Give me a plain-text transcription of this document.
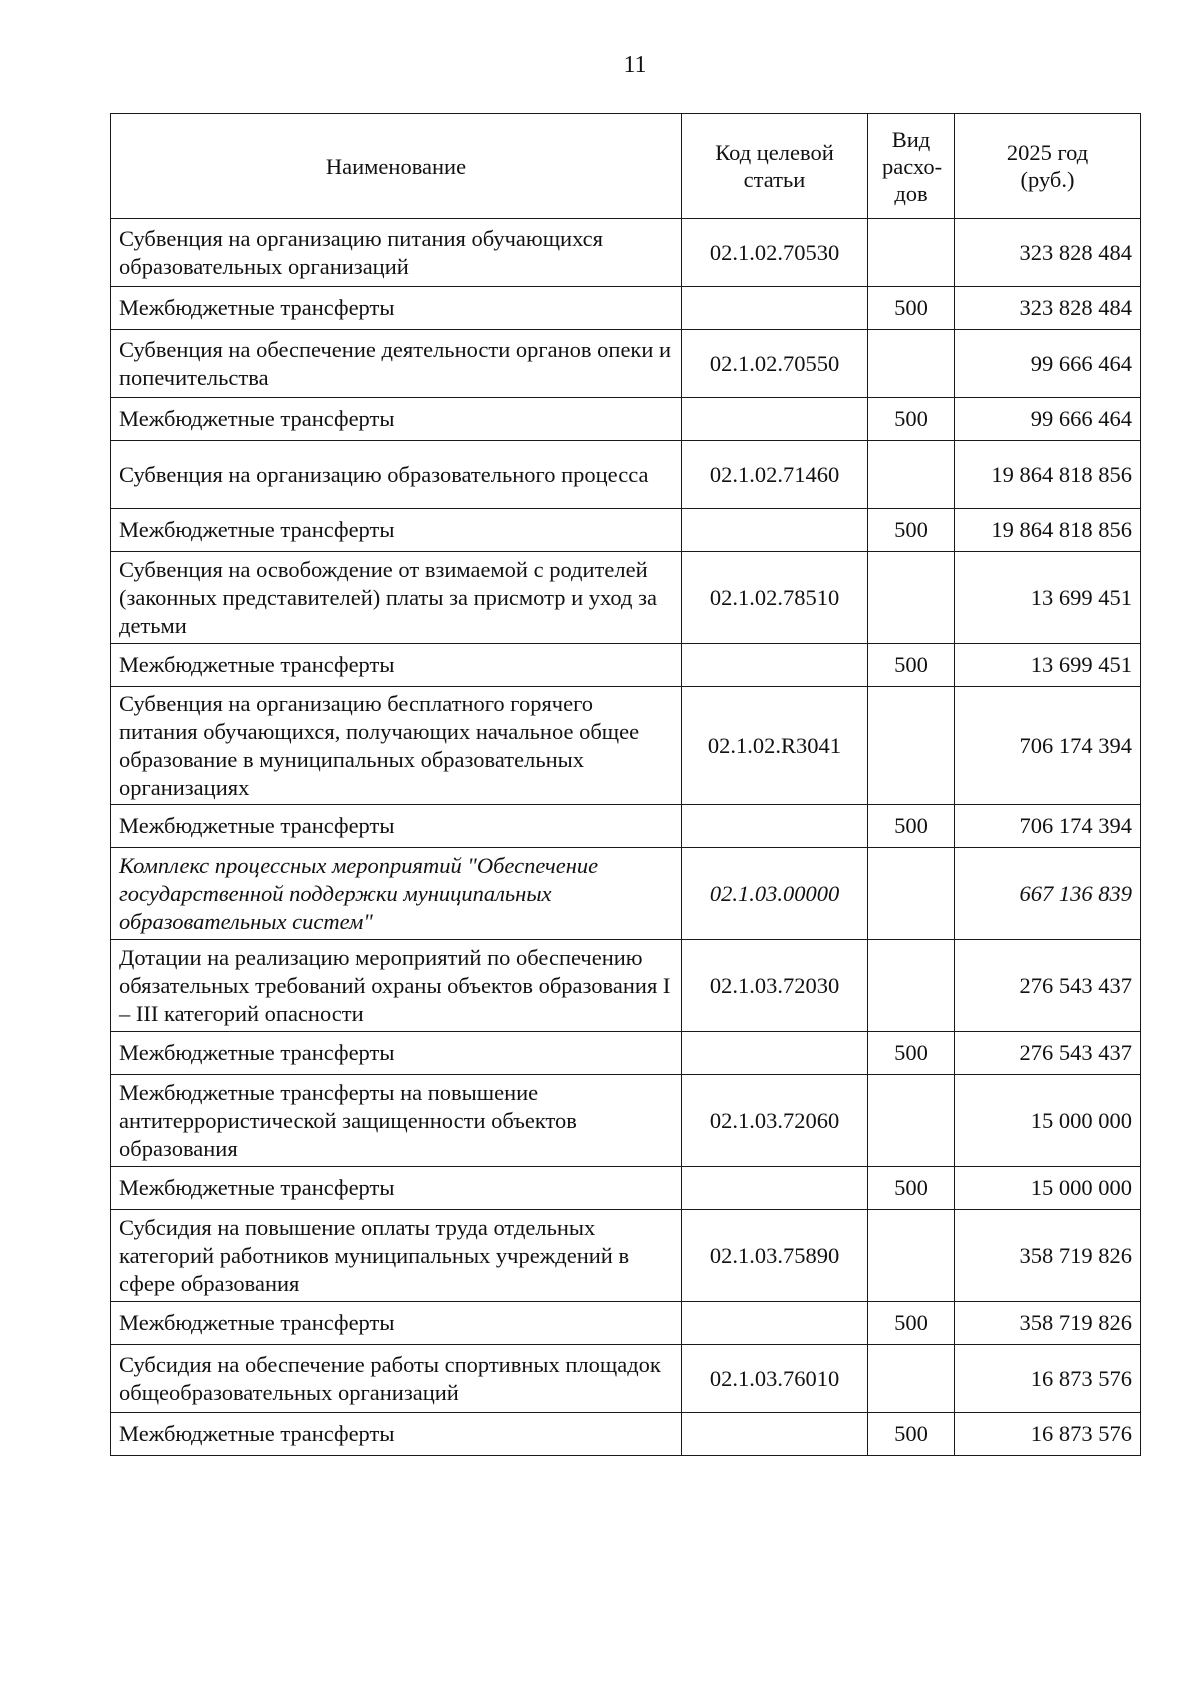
11
Наименование	Код целевой статьи	Вид расхо-дов	2025 год (руб.)
Субвенция на организацию питания обучающихся образовательных организаций	02.1.02.70530		323 828 484
Межбюджетные трансферты		500	323 828 484
Субвенция на обеспечение деятельности органов опеки и попечительства	02.1.02.70550		99 666 464
Межбюджетные трансферты		500	99 666 464
Субвенция на организацию образовательного процесса	02.1.02.71460		19 864 818 856
Межбюджетные трансферты		500	19 864 818 856
Субвенция на освобождение от взимаемой с родителей (законных представителей) платы за присмотр и уход за детьми	02.1.02.78510		13 699 451
Межбюджетные трансферты		500	13 699 451
Субвенция на организацию бесплатного горячего питания обучающихся, получающих начальное общее образование в муниципальных образовательных организациях	02.1.02.R3041		706 174 394
Межбюджетные трансферты		500	706 174 394
Комплекс процессных мероприятий "Обеспечение государственной поддержки муниципальных образовательных систем"	02.1.03.00000		667 136 839
Дотации на реализацию мероприятий по обеспечению обязательных требований охраны объектов образования I – III категорий опасности	02.1.03.72030		276 543 437
Межбюджетные трансферты		500	276 543 437
Межбюджетные трансферты на повышение антитеррористической защищенности объектов образования	02.1.03.72060		15 000 000
Межбюджетные трансферты		500	15 000 000
Субсидия на повышение оплаты труда отдельных категорий работников муниципальных учреждений в сфере образования	02.1.03.75890		358 719 826
Межбюджетные трансферты		500	358 719 826
Субсидия на обеспечение работы спортивных площадок общеобразовательных организаций	02.1.03.76010		16 873 576
Межбюджетные трансферты		500	16 873 576
